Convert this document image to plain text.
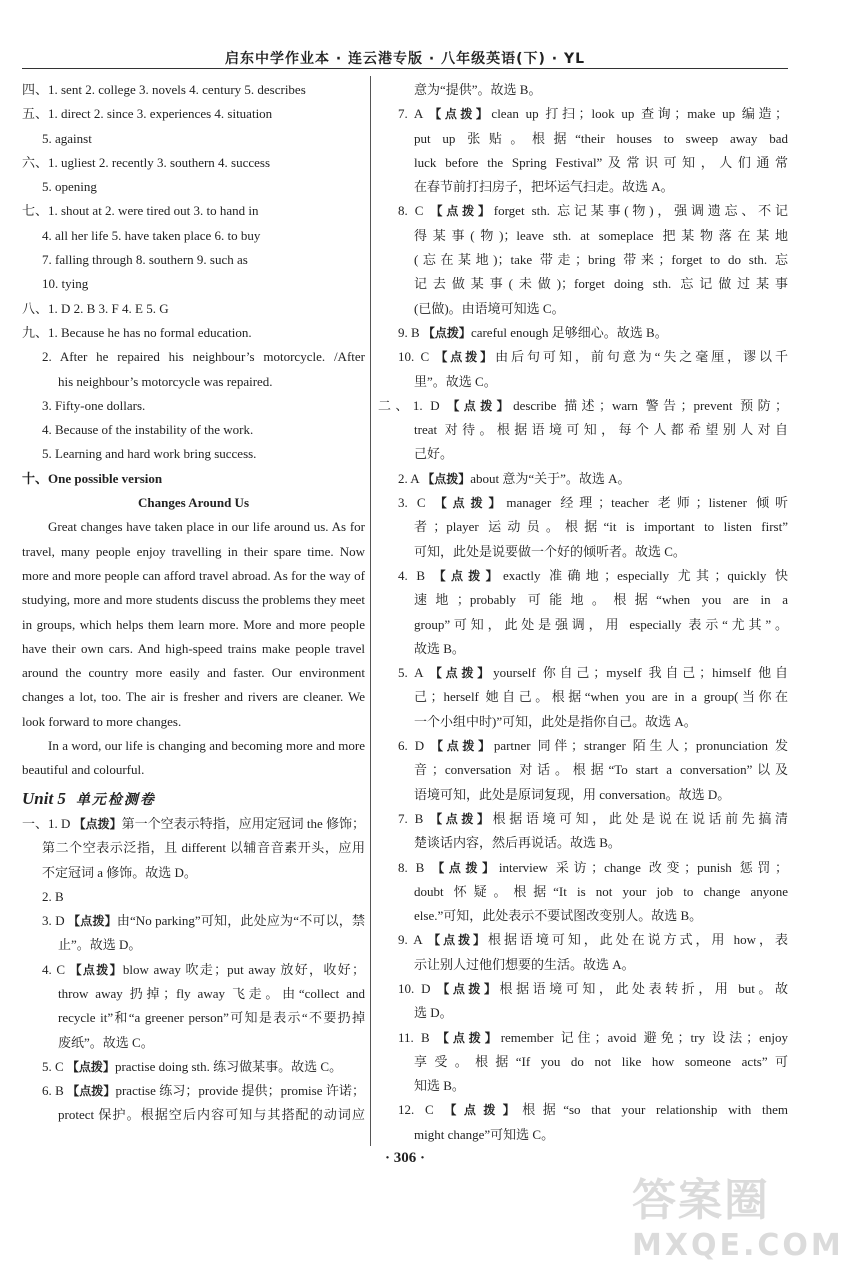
启东中学作业本 · 连云港专版 · 八年级英语(下) · YL
四、1. sent 2. college 3. novels 4. century 5. describes
五、1. direct 2. since 3. experiences 4. situation
5. against
六、1. ugliest 2. recently 3. southern 4. success
5. opening
七、1. shout at 2. were tired out 3. to hand in
4. all her life 5. have taken place 6. to buy
7. falling through 8. southern 9. such as
10. tying
八、1. D 2. B 3. F 4. E 5. G
九、1. Because he has no formal education.
2. After he repaired his neighbour’s motorcycle. /After
his neighbour’s motorcycle was repaired.
3. Fifty-one dollars.
4. Because of the instability of the work.
5. Learning and hard work bring success.
十、One possible version
Changes Around Us
Great changes have taken place in our life around us. As for travel, many people enjoy travelling in their spare time. Now more and more people can afford travel abroad. As for the way of studying, more and more students discuss the problems they meet in groups, which helps them learn more. More and more people have their own cars. And high-speed trains make people travel around the country more easily and faster. Our environment changes a lot, too. The air is fresher and rivers are cleaner. We look forward to more changes.
In a word, our life is changing and becoming more and more beautiful and colourful.
Unit 5 单元检测卷
一、1. D 【点拨】第一个空表示特指，应用定冠词 the 修饰；
第二个空表示泛指，且 different 以辅音音素开头，应用
不定冠词 a 修饰。故选 D。
2. B
3. D 【点拨】由“No parking”可知，此处应为“不可以，禁
止”。故选 D。
4. C 【点拨】blow away 吹走；put away 放好，收好；
throw away 扔掉；fly away 飞走。由“collect and
recycle it”和“a greener person”可知是表示“不要扔掉
废纸”。故选 C。
5. C 【点拨】practise doing sth. 练习做某事。故选 C。
6. B 【点拨】practise 练习；provide 提供；promise 许诺；
protect 保护。根据空后内容可知与其搭配的动词应
意为“提供”。故选 B。
7. A 【点拨】clean up 打扫；look up 查询；make up 编造；
put up 张贴。根据“their houses to sweep away bad
luck before the Spring Festival”及常识可知，人们通常
在春节前打扫房子，把坏运气扫走。故选 A。
8. C 【点拨】forget sth. 忘记某事(物)，强调遗忘、不记
得某事(物)；leave sth. at someplace 把某物落在某地
(忘在某地)；take 带走；bring 带来；forget to do sth. 忘
记去做某事(未做)；forget doing sth. 忘记做过某事
(已做)。由语境可知选 C。
9. B 【点拨】careful enough 足够细心。故选 B。
10. C 【点拨】由后句可知，前句意为“失之毫厘，谬以千
里”。故选 C。
二、1. D 【点拨】describe 描述；warn 警告；prevent 预防；
treat 对待。根据语境可知，每个人都希望别人对自
己好。
2. A 【点拨】about 意为“关于”。故选 A。
3. C 【点拨】manager 经理；teacher 老师；listener 倾听
者；player 运动员。根据“it is important to listen first”
可知，此处是说要做一个好的倾听者。故选 C。
4. B 【点拨】exactly 准确地；especially 尤其；quickly 快
速地；probably 可能地。根据“when you are in a
group”可知，此处是强调，用 especially 表示“尤其”。
故选 B。
5. A 【点拨】yourself 你自己；myself 我自己；himself 他自
己；herself 她自己。根据“when you are in a group(当你在
一个小组中时)”可知，此处是指你自己。故选 A。
6. D 【点拨】partner 同伴；stranger 陌生人；pronunciation 发
音；conversation 对话。根据“To start a conversation”以及
语境可知，此处是原词复现，用 conversation。故选 D。
7. B 【点拨】根据语境可知，此处是说在说话前先搞清
楚谈话内容，然后再说话。故选 B。
8. B 【点拨】interview 采访；change 改变；punish 惩罚；
doubt 怀疑。根据“It is not your job to change anyone
else.”可知，此处表示不要试图改变别人。故选 B。
9. A 【点拨】根据语境可知，此处在说方式，用 how，表
示让别人过他们想要的生活。故选 A。
10. D 【点拨】根据语境可知，此处表转折，用 but。故
选 D。
11. B 【点拨】remember 记住；avoid 避免；try 设法；enjoy
享受。根据“If you do not like how someone acts”可
知选 B。
12. C 【点拨】根据“so that your relationship with them
might change”可知选 C。
· 306 ·
答案圈
MXQE.COM
